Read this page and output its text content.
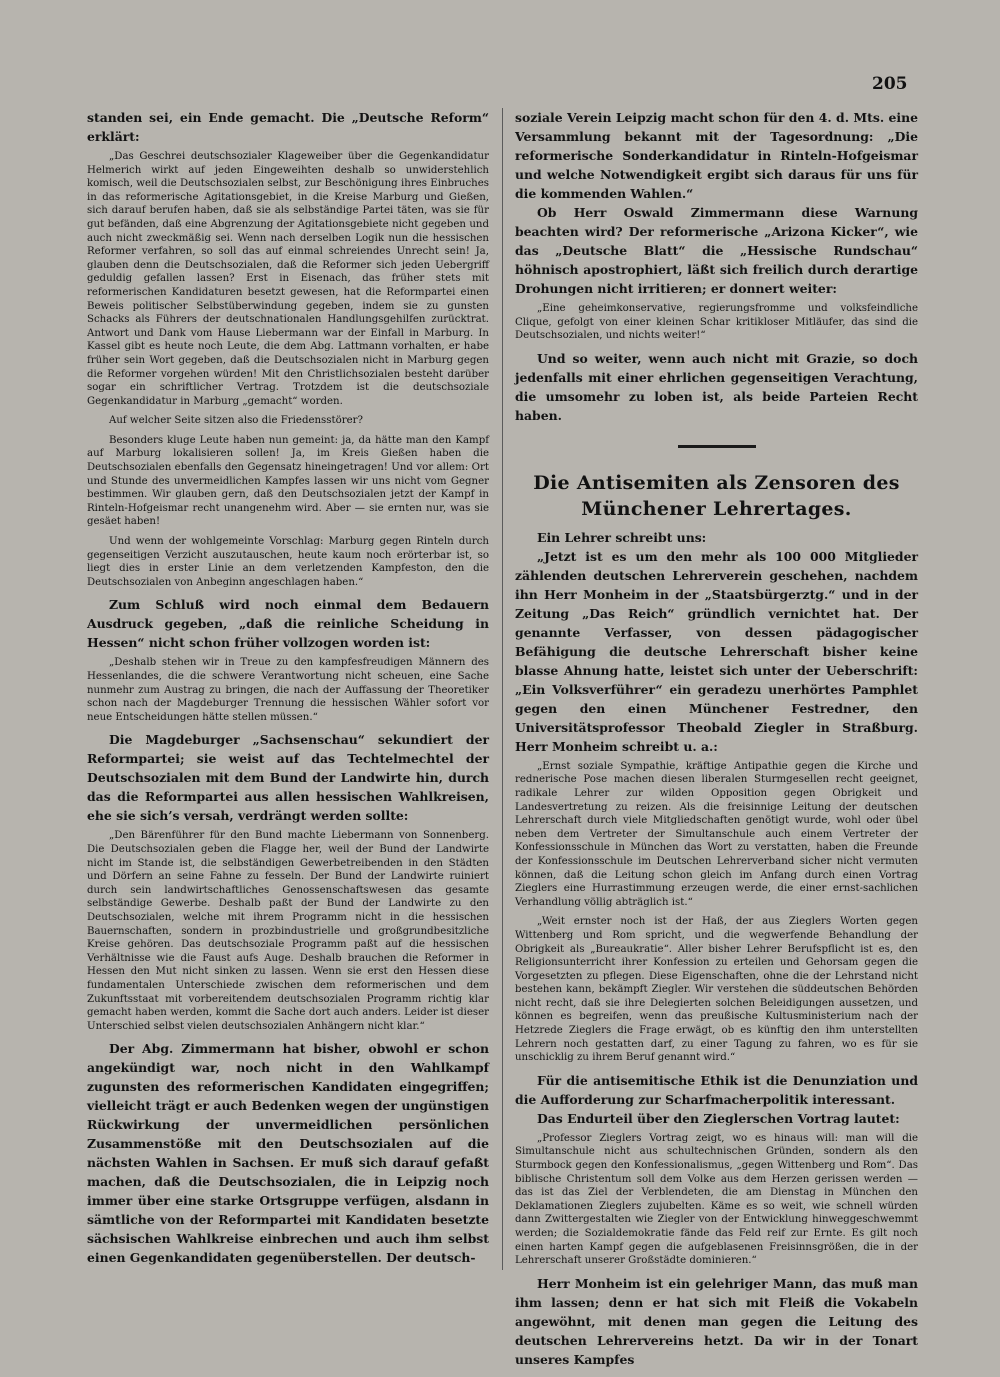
205

standen sei, ein Ende gemacht. Die „Deutsche Reform“ erklärt:

„Das Geschrei deutschsozialer Klageweiber über die Gegenkandidatur Helmerich wirkt auf jeden Eingeweihten deshalb so unwiderstehlich komisch, weil die Deutschsozialen selbst, zur Beschönigung ihres Einbruches in das reformerische Agitationsgebiet, in die Kreise Marburg und Gießen, sich darauf berufen haben, daß sie als selbständige Partei täten, was sie für gut befänden, daß eine Abgrenzung der Agitationsgebiete nicht gegeben und auch nicht zweckmäßig sei. Wenn nach derselben Logik nun die hessischen Reformer verfahren, so soll das auf einmal schreiendes Unrecht sein! Ja, glauben denn die Deutschsozialen, daß die Reformer sich jeden Uebergriff geduldig gefallen lassen? Erst in Eisenach, das früher stets mit reformerischen Kandidaturen besetzt gewesen, hat die Reformpartei einen Beweis politischer Selbstüberwindung gegeben, indem sie zu gunsten Schacks als Führers der deutschnationalen Handlungsgehilfen zurücktrat. Antwort und Dank vom Hause Liebermann war der Einfall in Marburg. In Kassel gibt es heute noch Leute, die dem Abg. Lattmann vorhalten, er habe früher sein Wort gegeben, daß die Deutschsozialen nicht in Marburg gegen die Reformer vorgehen würden! Mit den Christlichsozialen besteht darüber sogar ein schriftlicher Vertrag. Trotzdem ist die deutschsoziale Gegenkandidatur in Marburg „gemacht“ worden.

Auf welcher Seite sitzen also die Friedensstörer?

Besonders kluge Leute haben nun gemeint: ja, da hätte man den Kampf auf Marburg lokalisieren sollen! Ja, im Kreis Gießen haben die Deutschsozialen ebenfalls den Gegensatz hineingetragen! Und vor allem: Ort und Stunde des unvermeidlichen Kampfes lassen wir uns nicht vom Gegner bestimmen. Wir glauben gern, daß den Deutschsozialen jetzt der Kampf in Rinteln-Hofgeismar recht unangenehm wird. Aber — sie ernten nur, was sie gesäet haben!

Und wenn der wohlgemeinte Vorschlag: Marburg gegen Rinteln durch gegenseitigen Verzicht auszutauschen, heute kaum noch erörterbar ist, so liegt dies in erster Linie an dem verletzenden Kampfeston, den die Deutschsozialen von Anbeginn angeschlagen haben.“

Zum Schluß wird noch einmal dem Bedauern Ausdruck gegeben, „daß die reinliche Scheidung in Hessen“ nicht schon früher vollzogen worden ist:

„Deshalb stehen wir in Treue zu den kampfesfreudigen Männern des Hessenlandes, die die schwere Verantwortung nicht scheuen, eine Sache nunmehr zum Austrag zu bringen, die nach der Auffassung der Theoretiker schon nach der Magdeburger Trennung die hessischen Wähler sofort vor neue Entscheidungen hätte stellen müssen.“

Die Magdeburger „Sachsenschau“ sekundiert der Reformpartei; sie weist auf das Techtelmechtel der Deutschsozialen mit dem Bund der Landwirte hin, durch das die Reformpartei aus allen hessischen Wahlkreisen, ehe sie sich’s versah, verdrängt werden sollte:

„Den Bärenführer für den Bund machte Liebermann von Sonnenberg. Die Deutschsozialen geben die Flagge her, weil der Bund der Landwirte nicht im Stande ist, die selbständigen Gewerbetreibenden in den Städten und Dörfern an seine Fahne zu fesseln. Der Bund der Landwirte ruiniert durch sein landwirtschaftliches Genossenschaftswesen das gesamte selbständige Gewerbe. Deshalb paßt der Bund der Landwirte zu den Deutschsozialen, welche mit ihrem Programm nicht in die hessischen Bauernschaften, sondern in prozbindustrielle und großgrundbesitzliche Kreise gehören. Das deutschsoziale Programm paßt auf die hessischen Verhältnisse wie die Faust aufs Auge. Deshalb brauchen die Reformer in Hessen den Mut nicht sinken zu lassen. Wenn sie erst den Hessen diese fundamentalen Unterschiede zwischen dem reformerischen und dem Zukunftsstaat mit vorbereitendem deutschsozialen Programm richtig klar gemacht haben werden, kommt die Sache dort auch anders. Leider ist dieser Unterschied selbst vielen deutschsozialen Anhängern nicht klar.“

Der Abg. Zimmermann hat bisher, obwohl er schon angekündigt war, noch nicht in den Wahlkampf zugunsten des reformerischen Kandidaten eingegriffen; vielleicht trägt er auch Bedenken wegen der ungünstigen Rückwirkung der unvermeidlichen persönlichen Zusammenstöße mit den Deutschsozialen auf die nächsten Wahlen in Sachsen. Er muß sich darauf gefaßt machen, daß die Deutschsozialen, die in Leipzig noch immer über eine starke Ortsgruppe verfügen, alsdann in sämtliche von der Reformpartei mit Kandidaten besetzte sächsischen Wahlkreise einbrechen und auch ihm selbst einen Gegenkandidaten gegenüberstellen. Der deutsch-

soziale Verein Leipzig macht schon für den 4. d. Mts. eine Versammlung bekannt mit der Tagesordnung: „Die reformerische Sonderkandidatur in Rinteln-Hofgeismar und welche Notwendigkeit ergibt sich daraus für uns für die kommenden Wahlen.“

Ob Herr Oswald Zimmermann diese Warnung beachten wird? Der reformerische „Arizona Kicker“, wie das „Deutsche Blatt“ die „Hessische Rundschau“ höhnisch apostrophiert, läßt sich freilich durch derartige Drohungen nicht irritieren; er donnert weiter:

„Eine geheimkonservative, regierungsfromme und volksfeindliche Clique, gefolgt von einer kleinen Schar kritikloser Mitläufer, das sind die Deutschsozialen, und nichts weiter!“

Und so weiter, wenn auch nicht mit Grazie, so doch jedenfalls mit einer ehrlichen gegenseitigen Verachtung, die umsomehr zu loben ist, als beide Parteien Recht haben.

Die Antisemiten als Zensoren des Münchener Lehrertages.

Ein Lehrer schreibt uns:

„Jetzt ist es um den mehr als 100 000 Mitglieder zählenden deutschen Lehrerverein geschehen, nachdem ihn Herr Monheim in der „Staatsbürgerztg.“ und in der Zeitung „Das Reich“ gründlich vernichtet hat. Der genannte Verfasser, von dessen pädagogischer Befähigung die deutsche Lehrerschaft bisher keine blasse Ahnung hatte, leistet sich unter der Ueberschrift: „Ein Volksverführer“ ein geradezu unerhörtes Pamphlet gegen den einen Münchener Festredner, den Universitätsprofessor Theobald Ziegler in Straßburg. Herr Monheim schreibt u. a.:

„Ernst soziale Sympathie, kräftige Antipathie gegen die Kirche und rednerische Pose machen diesen liberalen Sturmgesellen recht geeignet, radikale Lehrer zur wilden Opposition gegen Obrigkeit und Landesvertretung zu reizen. Als die freisinnige Leitung der deutschen Lehrerschaft durch viele Mitgliedschaften genötigt wurde, wohl oder übel neben dem Vertreter der Simultanschule auch einem Vertreter der Konfessionsschule in München das Wort zu verstatten, haben die Freunde der Konfessionsschule im Deutschen Lehrerverband sicher nicht vermuten können, daß die Leitung schon gleich im Anfang durch einen Vortrag Zieglers eine Hurrastimmung erzeugen werde, die einer ernst-sachlichen Verhandlung völlig abträglich ist.“

„Weit ernster noch ist der Haß, der aus Zieglers Worten gegen Wittenberg und Rom spricht, und die wegwerfende Behandlung der Obrigkeit als „Bureaukratie“. Aller bisher Lehrer Berufspflicht ist es, den Religionsunterricht ihrer Konfession zu erteilen und Gehorsam gegen die Vorgesetzten zu pflegen. Diese Eigenschaften, ohne die der Lehrstand nicht bestehen kann, bekämpft Ziegler. Wir verstehen die süddeutschen Behörden nicht recht, daß sie ihre Delegierten solchen Beleidigungen aussetzen, und können es begreifen, wenn das preußische Kultusministerium nach der Hetzrede Zieglers die Frage erwägt, ob es künftig den ihm unterstellten Lehrern noch gestatten darf, zu einer Tagung zu fahren, wo es für sie unschicklig zu ihrem Beruf genannt wird.“

Für die antisemitische Ethik ist die Denunziation und die Aufforderung zur Scharfmacherpolitik interessant.

Das Endurteil über den Zieglerschen Vortrag lautet:

„Professor Zieglers Vortrag zeigt, wo es hinaus will: man will die Simultanschule nicht aus schultechnischen Gründen, sondern als den Sturmbock gegen den Konfessionalismus, „gegen Wittenberg und Rom“. Das biblische Christentum soll dem Volke aus dem Herzen gerissen werden — das ist das Ziel der Verblendeten, die am Dienstag in München den Deklamationen Zieglers zujubelten. Käme es so weit, wie schnell würden dann Zwittergestalten wie Ziegler von der Entwicklung hinweggeschwemmt werden; die Sozialdemokratie fände das Feld reif zur Ernte. Es gilt noch einen harten Kampf gegen die aufgeblasenen Freisinnsgrößen, die in der Lehrerschaft unserer Großstädte dominieren.“

Herr Monheim ist ein gelehriger Mann, das muß man ihm lassen; denn er hat sich mit Fleiß die Vokabeln angewöhnt, mit denen man gegen die Leitung des deutschen Lehrervereins hetzt. Da wir in der Tonart unseres Kampfes
